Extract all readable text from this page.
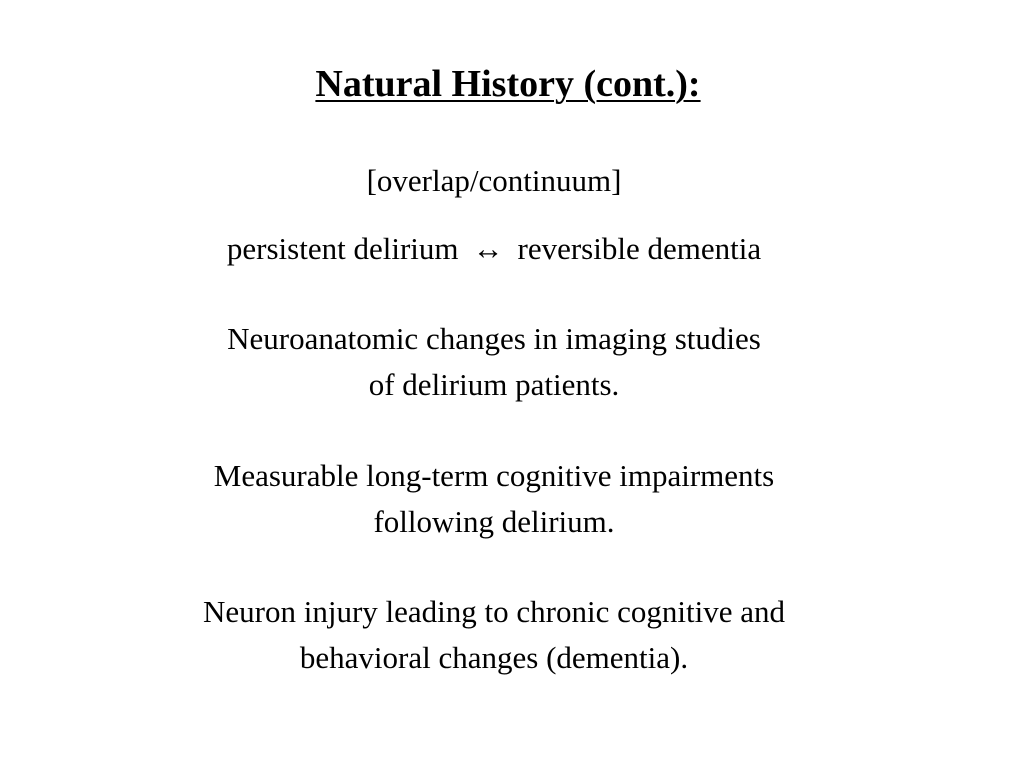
Natural History (cont.):
[overlap/continuum]
persistent delirium ↔ reversible dementia
Neuroanatomic changes in imaging studies
of delirium patients.
Measurable long-term cognitive impairments
following delirium.
Neuron injury leading to chronic cognitive and
behavioral changes (dementia).
